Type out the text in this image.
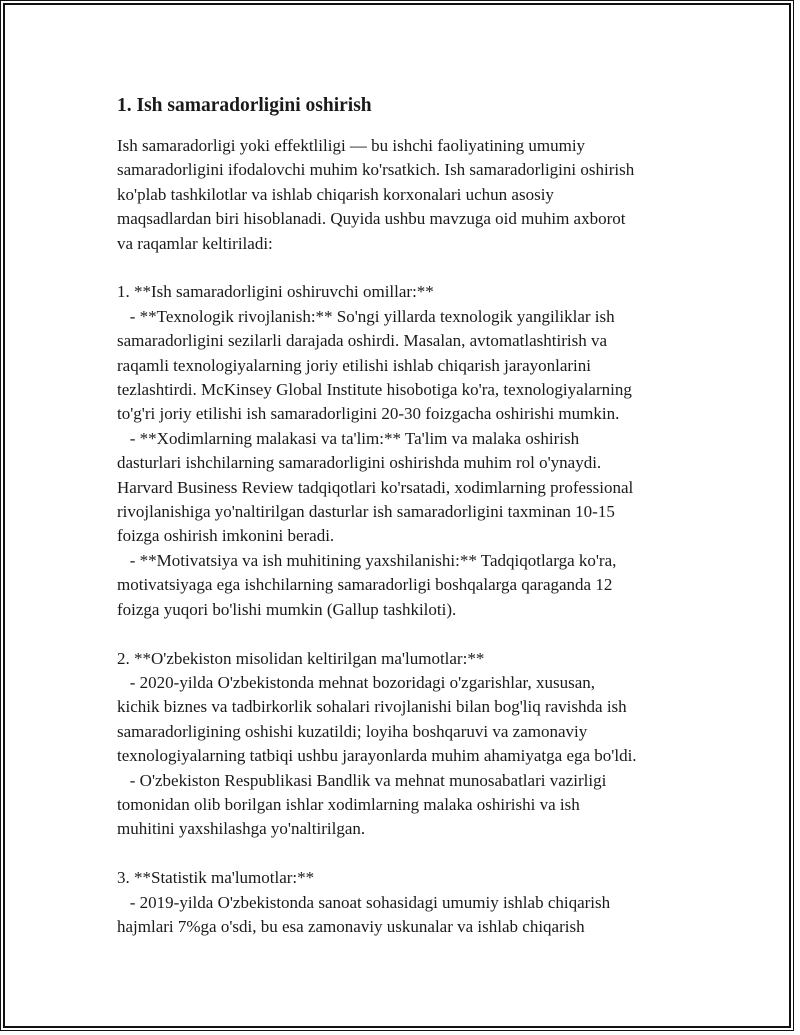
1. Ish samaradorligini oshirish
Ish samaradorligi yoki effektliligi — bu ishchi faoliyatining umumiy
samaradorligini ifodalovchi muhim ko'rsatkich. Ish samaradorligini oshirish
ko'plab tashkilotlar va ishlab chiqarish korxonalari uchun asosiy
maqsadlardan biri hisoblanadi. Quyida ushbu mavzuga oid muhim axborot
va raqamlar keltiriladi:
1. **Ish samaradorligini oshiruvchi omillar:**
- **Texnologik rivojlanish:** So'ngi yillarda texnologik yangiliklar ish
samaradorligini sezilarli darajada oshirdi. Masalan, avtomatlashtirish va
raqamli texnologiyalarning joriy etilishi ishlab chiqarish jarayonlarini
tezlashtirdi. McKinsey Global Institute hisobotiga ko'ra, texnologiyalarning
to'g'ri joriy etilishi ish samaradorligini 20-30 foizgacha oshirishi mumkin.
- **Xodimlarning malakasi va ta'lim:** Ta'lim va malaka oshirish
dasturlari ishchilarning samaradorligini oshirishda muhim rol o'ynaydi.
Harvard Business Review tadqiqotlari ko'rsatadi, xodimlarning professional
rivojlanishiga yo'naltirilgan dasturlar ish samaradorligini taxminan 10-15
foizga oshirish imkonini beradi.
- **Motivatsiya va ish muhitining yaxshilanishi:** Tadqiqotlarga ko'ra,
motivatsiyaga ega ishchilarning samaradorligi boshqalarga qaraganda 12
foizga yuqori bo'lishi mumkin (Gallup tashkiloti).
2. **O'zbekiston misolidan keltirilgan ma'lumotlar:**
- 2020-yilda O'zbekistonda mehnat bozoridagi o'zgarishlar, xususan,
kichik biznes va tadbirkorlik sohalari rivojlanishi bilan bog'liq ravishda ish
samaradorligining oshishi kuzatildi; loyiha boshqaruvi va zamonaviy
texnologiyalarning tatbiqi ushbu jarayonlarda muhim ahamiyatga ega bo'ldi.
- O'zbekiston Respublikasi Bandlik va mehnat munosabatlari vazirligi
tomonidan olib borilgan ishlar xodimlarning malaka oshirishi va ish
muhitini yaxshilashga yo'naltirilgan.
3. **Statistik ma'lumotlar:**
- 2019-yilda O'zbekistonda sanoat sohasidagi umumiy ishlab chiqarish
hajmlari 7%ga o'sdi, bu esa zamonaviy uskunalar va ishlab chiqarish
